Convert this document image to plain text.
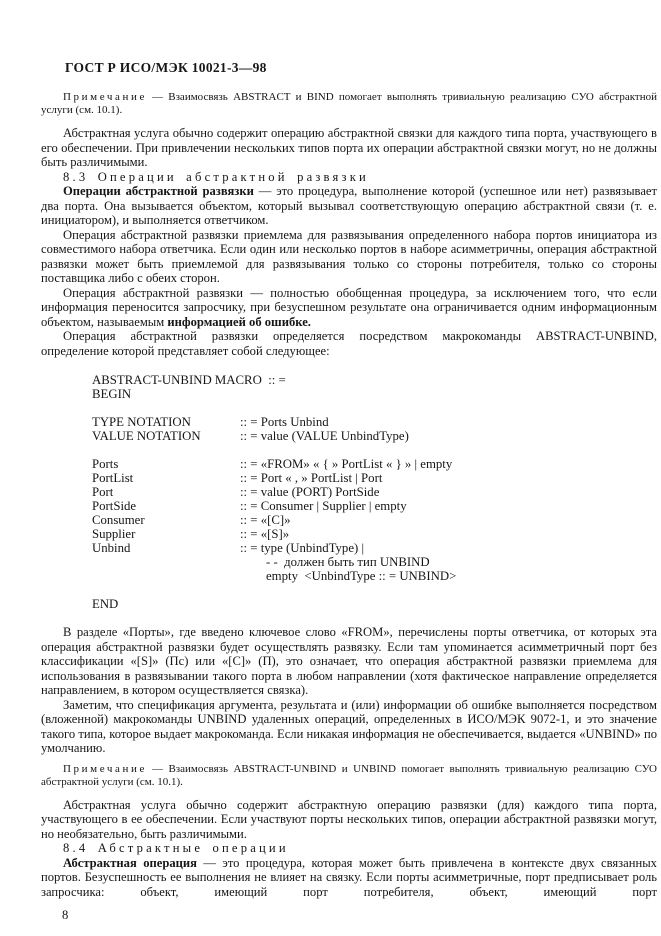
ГОСТ Р ИСО/МЭК 10021-3—98

Примечание — Взаимосвязь ABSTRACT и BIND помогает выполнять тривиальную реализацию СУО абстрактной услуги (см. 10.1).

Абстрактная услуга обычно содержит операцию абстрактной связки для каждого типа порта, участвующего в его обеспечении. При привлечении нескольких типов порта их операции абстрактной связки могут, но не должны быть различимыми.

8.3 Операции абстрактной развязки

Операции абстрактной развязки — это процедура, выполнение которой (успешное или нет) развязывает два порта. Она вызывается объектом, который вызывал соответствующую операцию абстрактной связи (т. е. инициатором), и выполняется ответчиком.

Операция абстрактной развязки приемлема для развязывания определенного набора портов инициатора из совместимого набора ответчика. Если один или несколько портов в наборе асимметричны, операция абстрактной развязки может быть приемлемой для развязывания только со стороны потребителя, только со стороны поставщика либо с обеих сторон.

Операция абстрактной развязки — полностью обобщенная процедура, за исключением того, что если информация переносится запросчику, при безуспешном результате она ограничивается одним информационным объектом, называемым информацией об ошибке.

Операция абстрактной развязки определяется посредством макрокоманды ABSTRACT-UNBIND, определение которой представляет собой следующее:

ABSTRACT-UNBIND MACRO  :: =
BEGIN
TYPE NOTATION	:: = Ports Unbind
VALUE NOTATION	:: = value (VALUE UnbindType)
Ports	:: = «FROM» « { » PortList « } » | empty
PortList	:: = Port « , » PortList | Port
Port	:: = value (PORT) PortSide
PortSide	:: = Consumer | Supplier | empty
Consumer	:: = «[C]»
Supplier	:: = «[S]»
Unbind	:: = type (UnbindType) |
- -  должен быть тип UNBIND
empty  <UnbindType :: = UNBIND>
END

В разделе «Порты», где введено ключевое слово «FROM», перечислены порты ответчика, от которых эта операция абстрактной развязки будет осуществлять развязку. Если там упоминается асимметричный порт без классификации «[S]» (Пс) или «[C]» (П), это означает, что операция абстрактной развязки приемлема для использования в развязывании такого порта в любом направлении (хотя фактическое направление определяется направлением, в котором осуществляется связка).

Заметим, что спецификация аргумента, результата и (или) информации об ошибке выполняется посредством (вложенной) макрокоманды UNBIND удаленных операций, определенных в ИСО/МЭК 9072-1, и это значение такого типа, которое выдает макрокоманда. Если никакая информация не обеспечивается, выдается «UNBIND» по умолчанию.

Примечание — Взаимосвязь ABSTRACT-UNBIND и UNBIND помогает выполнять тривиальную реализацию СУО абстрактной услуги (см. 10.1).

Абстрактная услуга обычно содержит абстрактную операцию развязки (для) каждого типа порта, участвующего в ее обеспечении. Если участвуют порты нескольких типов, операции абстрактной развязки могут, но необязательно, быть различимыми.

8.4 Абстрактные операции

Абстрактная операция — это процедура, которая может быть привлечена в контексте двух связанных портов. Безуспешность ее выполнения не влияет на связку. Если порты асимметричные, порт предписывает роль запросчика: объект, имеющий порт потребителя, объект, имеющий порт

8
